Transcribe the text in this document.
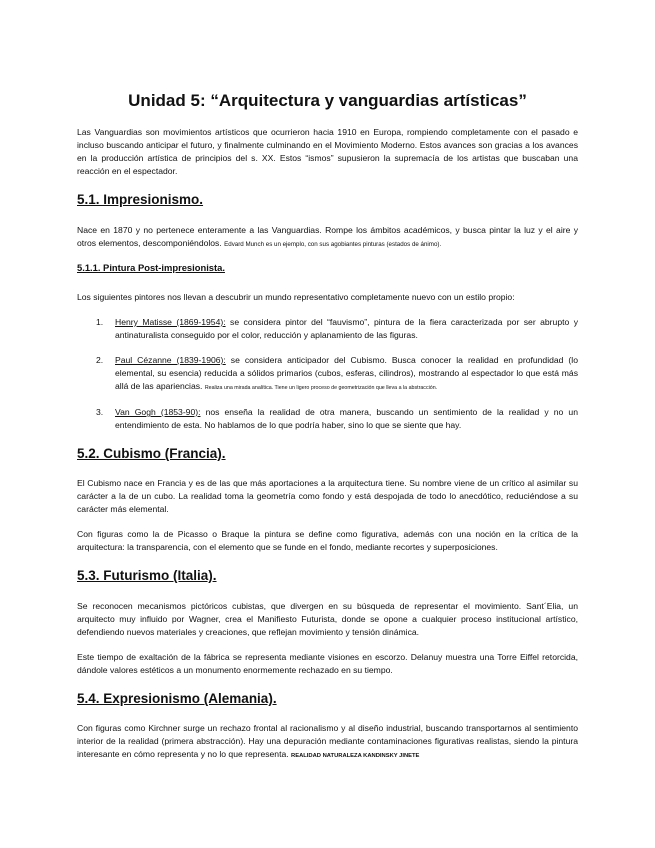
Unidad 5: “Arquitectura y vanguardias artísticas”

Las Vanguardias son movimientos artísticos que ocurrieron hacia 1910 en Europa, rompiendo completamente con el pasado e incluso buscando anticipar el futuro, y finalmente culminando en el Movimiento Moderno. Estos avances son gracias a los avances en la producción artística de principios del s. XX. Estos “ismos” supusieron la supremacía de los artistas que buscaban una reacción en el espectador.

5.1. Impresionismo.

Nace en 1870 y no pertenece enteramente a las Vanguardias. Rompe los ámbitos académicos, y busca pintar la luz y el aire y otros elementos, descomponiéndolos. Edvard Munch es un ejemplo, con sus agobiantes pinturas (estados de ánimo).

5.1.1. Pintura Post-impresionista.

Los siguientes pintores nos llevan a descubrir un mundo representativo completamente nuevo con un estilo propio:

1.	Henry Matisse (1869-1954): se considera pintor del “fauvismo”, pintura de la fiera caracterizada por ser abrupto y antinaturalista conseguido por el color, reducción y aplanamiento de las figuras.
2.	Paul Cézanne (1839-1906): se considera anticipador del Cubismo. Busca conocer la realidad en profundidad (lo elemental, su esencia) reducida a sólidos primarios (cubos, esferas, cilindros), mostrando al espectador lo que está más allá de las apariencias. Realiza una mirada analítica. Tiene un ligero proceso de geometrización que lleva a la abstracción.
3.	Van Gogh (1853-90): nos enseña la realidad de otra manera, buscando un sentimiento de la realidad y no un entendimiento de esta. No hablamos de lo que podría haber, sino lo que se siente que hay.
5.2. Cubismo (Francia).

El Cubismo nace en Francia y es de las que más aportaciones a la arquitectura tiene. Su nombre viene de un crítico al asimilar su carácter a la de un cubo. La realidad toma la geometría como fondo y está despojada de todo lo anecdótico, reduciéndose a su carácter más elemental.

Con figuras como la de Picasso o Braque la pintura se define como figurativa, además con una noción en la crítica de la arquitectura: la transparencia, con el elemento que se funde en el fondo, mediante recortes y superposiciones.

5.3. Futurismo (Italia).

Se reconocen mecanismos pictóricos cubistas, que divergen en su búsqueda de representar el movimiento. Sant´Elia, un arquitecto muy influido por Wagner, crea el Manifiesto Futurista, donde se opone a cualquier proceso institucional artístico, defendiendo nuevos materiales y creaciones, que reflejan movimiento y tensión dinámica.

Este tiempo de exaltación de la fábrica se representa mediante visiones en escorzo. Delanuy muestra una Torre Eiffel retorcida, dándole valores estéticos a un monumento enormemente rechazado en su tiempo.

5.4. Expresionismo (Alemania).

Con figuras como Kirchner surge un rechazo frontal al racionalismo y al diseño industrial, buscando transportarnos al sentimiento interior de la realidad (primera abstracción). Hay una depuración mediante contaminaciones figurativas realistas, siendo la pintura interesante en cómo representa y no lo que representa. REALIDAD NATURALEZA KANDINSKY JINETE
